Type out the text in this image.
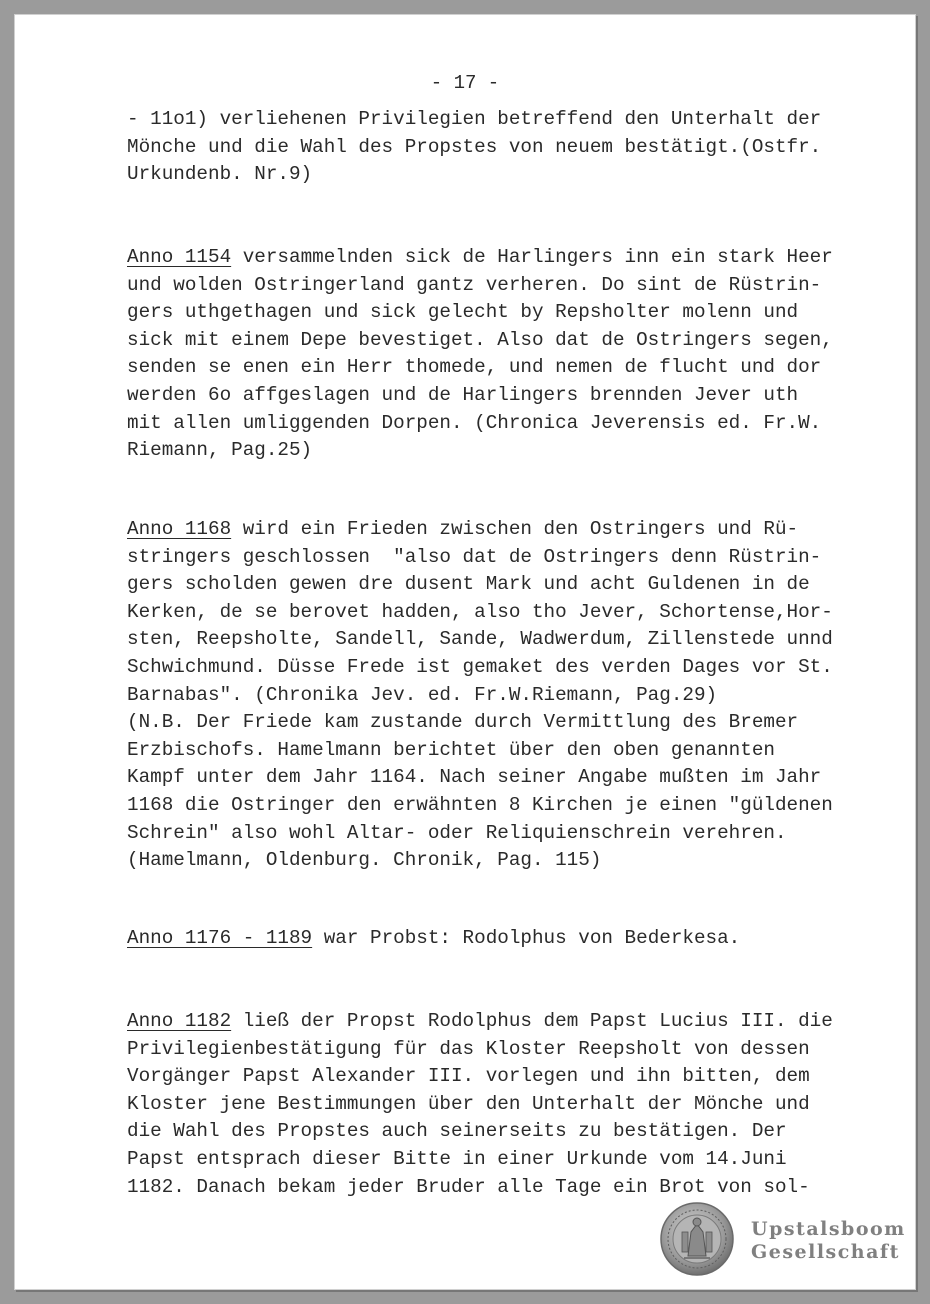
- 17 -
- 11o1) verliehenen Privilegien betreffend den Unterhalt der
Mönche und die Wahl des Propstes von neuem bestätigt.(Ostfr.
Urkundenb. Nr.9)
Anno 1154 versammelnden sick de Harlingers inn ein stark Heer
und wolden Ostringerland gantz verheren. Do sint de Rüstrin-
gers uthgethagen und sick gelecht by Repsholter molenn und
sick mit einem Depe bevestiget. Also dat de Ostringers segen,
senden se enen ein Herr thomede, und nemen de flucht und dor
werden 6o affgeslagen und de Harlingers brennden Jever uth
mit allen umliggenden Dorpen. (Chronica Jeverensis ed. Fr.W.
Riemann, Pag.25)
Anno 1168 wird ein Frieden zwischen den Ostringers und Rü-
stringers geschlossen  "also dat de Ostringers denn Rüstrin-
gers scholden gewen dre dusent Mark und acht Guldenen in de
Kerken, de se berovet hadden, also tho Jever, Schortense,Hor-
sten, Reepsholte, Sandell, Sande, Wadwerdum, Zillenstede unnd
Schwichmund. Düsse Frede ist gemaket des verden Dages vor St.
Barnabas". (Chronika Jev. ed. Fr.W.Riemann, Pag.29)
(N.B. Der Friede kam zustande durch Vermittlung des Bremer
Erzbischofs. Hamelmann berichtet über den oben genannten
Kampf unter dem Jahr 1164. Nach seiner Angabe mußten im Jahr
1168 die Ostringer den erwähnten 8 Kirchen je einen "güldenen
Schrein" also wohl Altar- oder Reliquienschrein verehren.
(Hamelmann, Oldenburg. Chronik, Pag. 115)
Anno 1176 - 1189 war Probst: Rodolphus von Bederkesa.
Anno 1182 ließ der Propst Rodolphus dem Papst Lucius III. die
Privilegienbestätigung für das Kloster Reepsholt von dessen
Vorgänger Papst Alexander III. vorlegen und ihn bitten, dem
Kloster jene Bestimmungen über den Unterhalt der Mönche und
die Wahl des Propstes auch seinerseits zu bestätigen. Der
Papst entsprach dieser Bitte in einer Urkunde vom 14.Juni
1182. Danach bekam jeder Bruder alle Tage ein Brot von sol-
Upstalsboom
Gesellschaft
